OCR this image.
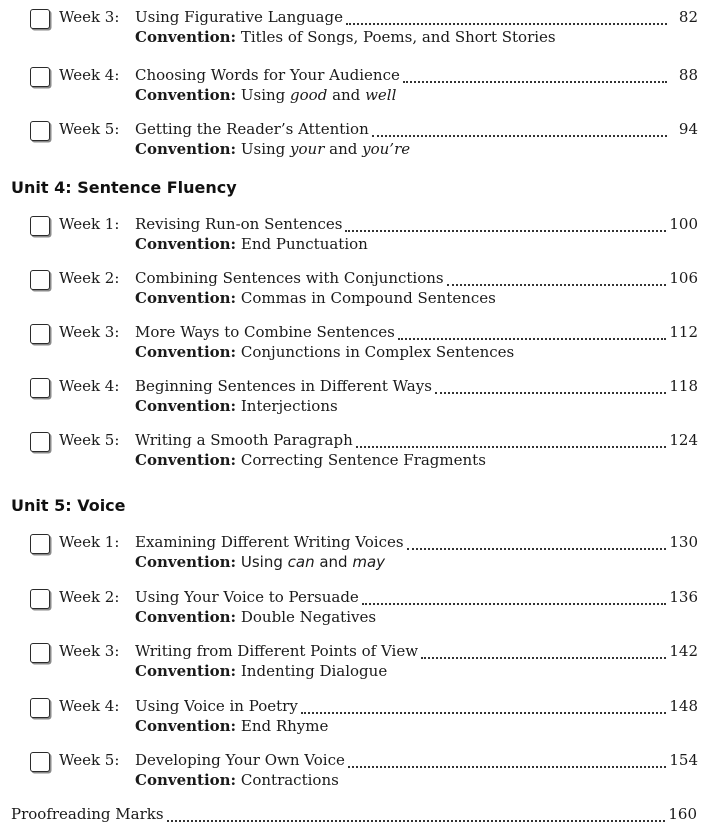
Week 3:	Using Figurative Language	82
Convention: Titles of Songs, Poems, and Short Stories
Week 4:	Choosing Words for Your Audience	88
Convention: Using good and well
Week 5:	Getting the Reader’s Attention	94
Convention: Using your and you’re
Unit 4: Sentence Fluency
Week 1:	Revising Run-on Sentences	100
Convention: End Punctuation
Week 2:	Combining Sentences with Conjunctions	106
Convention: Commas in Compound Sentences
Week 3:	More Ways to Combine Sentences	112
Convention: Conjunctions in Complex Sentences
Week 4:	Beginning Sentences in Different Ways	118
Convention: Interjections
Week 5:	Writing a Smooth Paragraph	124
Convention: Correcting Sentence Fragments
Unit 5: Voice
Week 1:	Examining Different Writing Voices	130
Convention: Using can and may
Week 2:	Using Your Voice to Persuade	136
Convention: Double Negatives
Week 3:	Writing from Different Points of View	142
Convention: Indenting Dialogue
Week 4:	Using Voice in Poetry	148
Convention: End Rhyme
Week 5:	Developing Your Own Voice	154
Convention: Contractions
Proofreading Marks	160
